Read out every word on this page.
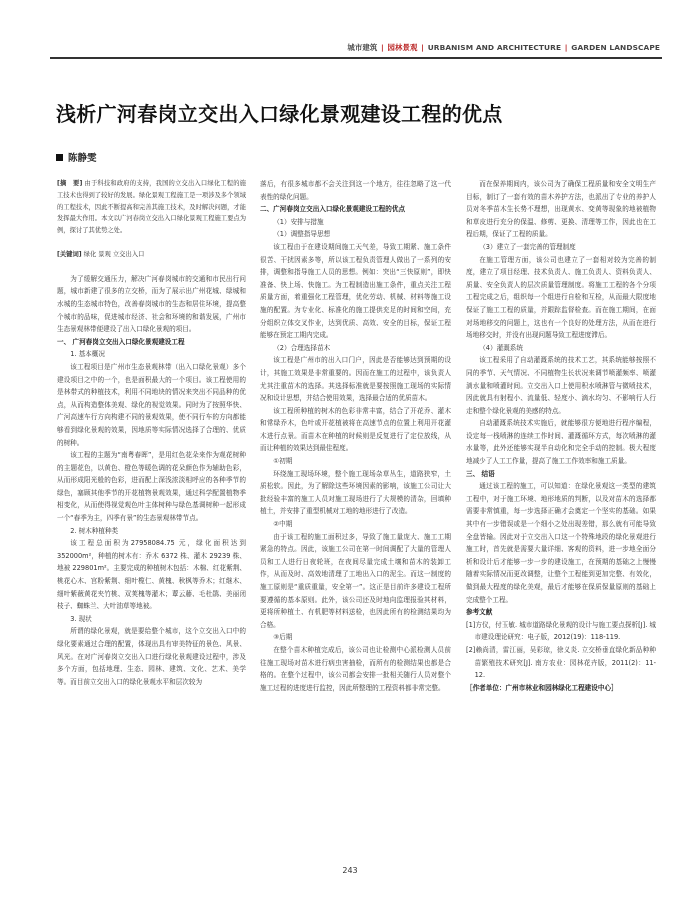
城市建筑 | 园林景观 | URBANISM AND ARCHITECTURE | GARDEN LANDSCAPE
浅析广河春岗立交出入口绿化景观建设工程的优点
陈静雯

[摘　要] 由于科技和政府的支持，我国的立交出入口绿化工程的施工技术也得到了较好的发展。绿化景观工程施工是一项涉及多个领域的工程技术，因此不断提高和完善其施工技术，及时解决问题，才能发挥最大作用。本文以广河春岗立交出入口绿化景观工程施工要点为例，探讨了其优势之处。

[关键词] 绿化 景观 立交出入口

为了缓解交通压力，解决广河春岗城市的交通和市民出行问题，城市新建了很多的立交桥，而为了展示出广州花城、绿城和水城的生态城市特色，改善春岗城市的生态和居住环境，提高整个城市的品味，促进城市经济、社会和环境的和谐发展，广州市生态景观林带便建设了出入口绿化景观的项目。

一、 广河春岗立交出入口绿化景观建设工程

1. 基本概况

该工程项目是广州市生态景观林带（出入口绿化景观）多个建设项目之中的一个，也是面积最大的一个项目。该工程使用的是林带式的种植技术，利用不同地块的情况来突出不同品种的优点，从而构造整体美观、绿化的视觉效果。同时为了按照华快、广河高速车行方向构建不同的景观效果，使不同行车的方向都能够看到绿化景观的效果，因地质等实际情况选择了合理的、优质的树种。

该工程的主题为“南粤春晖”，是用红色花朵来作为观花树种的主题花色，以黄色、橙色等暖色调的花朵颜色作为辅助色彩，从而形成阳光般的色彩，进而配上深浅浓淡相呼应的各种季节的绿色，塞顾其他季节的开花植物景观效果，通过科学配置植物季相变化，从而使得视觉观色叶主体树种与绿色基调树种一起形成一个“春季为主，四季有景”的生态景观林带节点。

2. 树木种植种类

该工程总面积为27958084.75 元，绿化面积达到 352000m²，种植的树木有：乔木 6372 株、灌木 29239 株、地被 229801m²。主要完成的种植树木包括：木棉、红花紫荆、桃花心木、宫粉紫荆、细叶榄仁、黄槐、秋枫等乔木；红继木、细叶紫薇黄花夹竹桃、双荚槐等灌木；蕈云藤、毛杜鹃、美丽闭枝子、蜘蛛兰、大叶油草等地被。

3. 现状

所谓的绿化景观，就是要给整个城市，这个立交出入口中的绿化要素通过合理的配置，体现出具有审美特征的景色、风景、风光。在对广河春岗立交出入口进行绿化景观建设过程中，涉及多个方面，包括地理、生态、园林、建筑、文化、艺术、美学等。而目前立交出入口的绿化景观水平和层次较为

落后，有很多城市都不会关注到这一个地方，往往忽略了这一代表性的绿化问题。

二、广河春岗立交出入口绿化景观建设工程的优点

（1）安排与措施

（1）调整指导思想

该工程由于在建设期间施工天气差，导致工期紧、施工条件很苦、干扰因素多等，所以该工程负责管理人做出了一系列的安排，调整和指导施工人员的思想。例如：突出“三快原则”，即快准备、快上场、快施工。为工程制造出施工条件，重点关注工程质量方面，着重强化工程管理，优化劳动、机械、材料等施工设施的配置。为专业化、标准化的施工提供充足的时间和空间，充分组织立体交叉作业，达到优质、高效、安全的目标，保证工程能够在预定工期内完成。

（2）合理选择苗木

该工程是广州市的出入口门户，因此是否能够达到预期的设计，其施工效果是非常重要的。因而在施工的过程中，该负责人尤其注重苗木的选择。其选择标准就是要按照施工现场的实际情况和设计思想，并结合使用效果，选择最合适的优质苗木。

该工程所种植的树木的色彩非常丰富，结合了开花乔、灌木和常绿乔木，色叶或开花植被将在高速节点的位置上利用开花灌木进行点景。而苗木在种植的时候则是反复进行了定位放线，从而让种植的效果达到最佳程度。

①初期

环绕施工现场环境，整个施工现场杂草丛生，道路狭窄，土质松软。因此，为了解除这些环境因素的影响，该施工公司让大批经验丰富的施工人员对施工现场进行了大规模的清杂，回填种植土，并安排了重型机械对工地的地形进行了改造。

②中期

由于该工程的施工面积过多，导致了施工量庞大、施工工期紧急的特点。因此，该施工公司在第一时间调配了大量的管理人员和工人进行日夜轮班，在夜间尽量完成土壤和苗木的装卸工作，从而及时、高效地清理了工地出入口的泥尘。而这一制度的施工原则是“重质重量，安全第一”。这正是目前许多建设工程所要遵循的基本原则。此外，该公司还及时地向监理报验其材料，更将所种植土、有机肥等材料送检，也因此所有的检测结果均为合格。

③后期

在整个苗木种植完成后，该公司也让检测中心派检测人员前往施工现场对苗木进行病虫害抽检，而所有的检测结果也都是合格的。在整个过程中，该公司都会安排一批相关随行人员对整个施工过程的进度进行监控，因此所整理的工程资料都非常完整。

而在保养期间内，该公司为了确保工程质量和安全文明生产目标，制订了一套有效的苗木养护方法，也派出了专业的养护人员对冬季苗木生长势不理想，出现黄水、变黄等现象的地被植物和草皮进行充分的保温、修剪、更换、清理等工作，因此也在工程后期，保证了工程的质量。

（3）建立了一套完善的管理制度

在施工管理方面，该公司也建立了一套相对较为完善的制度，建立了项目经理、技术负责人、施工负责人、资料负责人、质量、安全负责人的层次质量管理制度。将施工工程的各个分项工程完成之后，组织每一个组进行自检和互检，从而最大限度地保证了施工工程的质量，并跟踪监督检查。而在施工期间，在面对场地移交的问题上，这也有一个良好的处理方法，从而在进行场地移交时，并没有出现问题导致工程进度滞后。

（4）灌溉系统

该工程采用了自动灌溉系统的技术工艺，其系统能够按照不同的季节、天气情况、不同植物生长状况来调节喷灌频率、喷灌淌水量和喷灌时间。立交出入口上使用积水喷淋管与微喷技术，因此就具有射程小、流量低、轻度小、滴水均匀、不影响行人行走和整个绿化景观的美感的特点。

自动灌溉系统技术实施后，就能够很方便地进行程序编程，设定每一栈喷淋的连续工作时间、灌溉循环方式，每次喷淋的灌水量等，此外还能够实现半自动化和完全手动的控制。极大程度地减少了人工工作量，提高了施工工作效率和施工质量。

三、 结语

通过该工程的施工，可以知道：在绿化景观这一类型的建筑工程中，对于施工环境、地形地质的判断，以及对苗木的选择都需要非常慎重，每一步选择正确才会奠定一个坚实的基础。如果其中有一步错误或是一个细小之处出现差错，那么就有可能导致全盘皆输。因此对于立交出入口这一个特殊地段的绿化景观进行施工时，首先就是需要大量详细、客观的资料，进一步地全面分析和设计后才能够一步一步的建设施工，在预期的基础之上慢慢随着实际情况而更改调整，让整个工程能到更加完整、有效化，做到最大程度的绿化美观，最后才能够在保质保量原则的基础上完成整个工程。

参考文献

[1]方仪，付玉敏. 城市道路绿化景观的设计与施工要点探析[J]. 城市建设理论研究：电子版，2012(19)：118-119.

[2]赖尚清，雷江丽，吴彩琼，徐义炎. 立交桥垂直绿化新品种种苗繁殖技术研究[J]. 南方农业：园林花卉版，2011(2)：11-12.

［作者单位：广州市林业和园林绿化工程建设中心］

243
